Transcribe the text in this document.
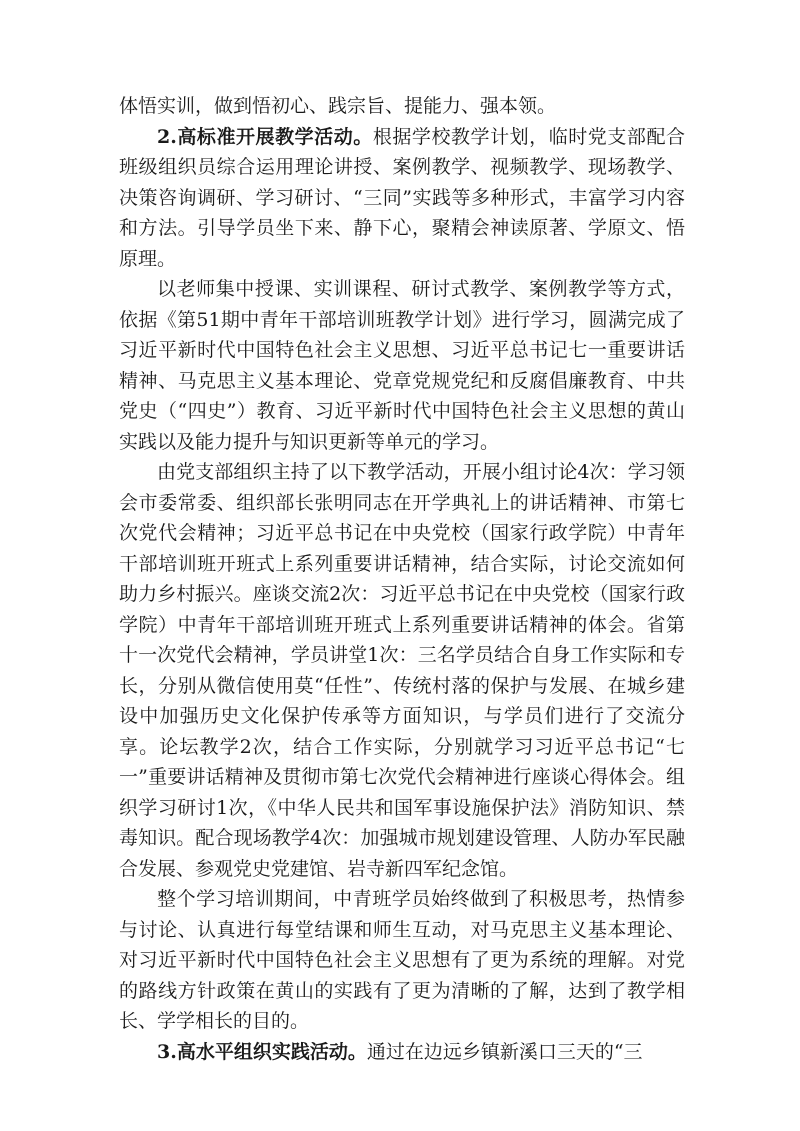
体悟实训，做到悟初心、践宗旨、提能力、强本领。

2.高标准开展教学活动。根据学校教学计划，临时党支部配合班级组织员综合运用理论讲授、案例教学、视频教学、现场教学、决策咨询调研、学习研讨、“三同”实践等多种形式，丰富学习内容和方法。引导学员坐下来、静下心，聚精会神读原著、学原文、悟原理。

以老师集中授课、实训课程、研讨式教学、案例教学等方式，依据《第51期中青年干部培训班教学计划》进行学习，圆满完成了习近平新时代中国特色社会主义思想、习近平总书记七一重要讲话精神、马克思主义基本理论、党章党规党纪和反腐倡廉教育、中共党史（“四史”）教育、习近平新时代中国特色社会主义思想的黄山实践以及能力提升与知识更新等单元的学习。

由党支部组织主持了以下教学活动，开展小组讨论4次：学习领会市委常委、组织部长张明同志在开学典礼上的讲话精神、市第七次党代会精神；习近平总书记在中央党校（国家行政学院）中青年干部培训班开班式上系列重要讲话精神，结合实际，讨论交流如何助力乡村振兴。座谈交流2次：习近平总书记在中央党校（国家行政学院）中青年干部培训班开班式上系列重要讲话精神的体会。省第十一次党代会精神，学员讲堂1次：三名学员结合自身工作实际和专长，分别从微信使用莫“任性”、传统村落的保护与发展、在城乡建设中加强历史文化保护传承等方面知识，与学员们进行了交流分享。论坛教学2次，结合工作实际，分别就学习习近平总书记“七一”重要讲话精神及贯彻市第七次党代会精神进行座谈心得体会。组织学习研讨1次，《中华人民共和国军事设施保护法》消防知识、禁毒知识。配合现场教学4次：加强城市规划建设管理、人防办军民融合发展、参观党史党建馆、岩寺新四军纪念馆。

整个学习培训期间，中青班学员始终做到了积极思考，热情参与讨论、认真进行每堂结课和师生互动，对马克思主义基本理论、对习近平新时代中国特色社会主义思想有了更为系统的理解。对党的路线方针政策在黄山的实践有了更为清晰的了解，达到了教学相长、学学相长的目的。

3.高水平组织实践活动。通过在边远乡镇新溪口三天的“三
